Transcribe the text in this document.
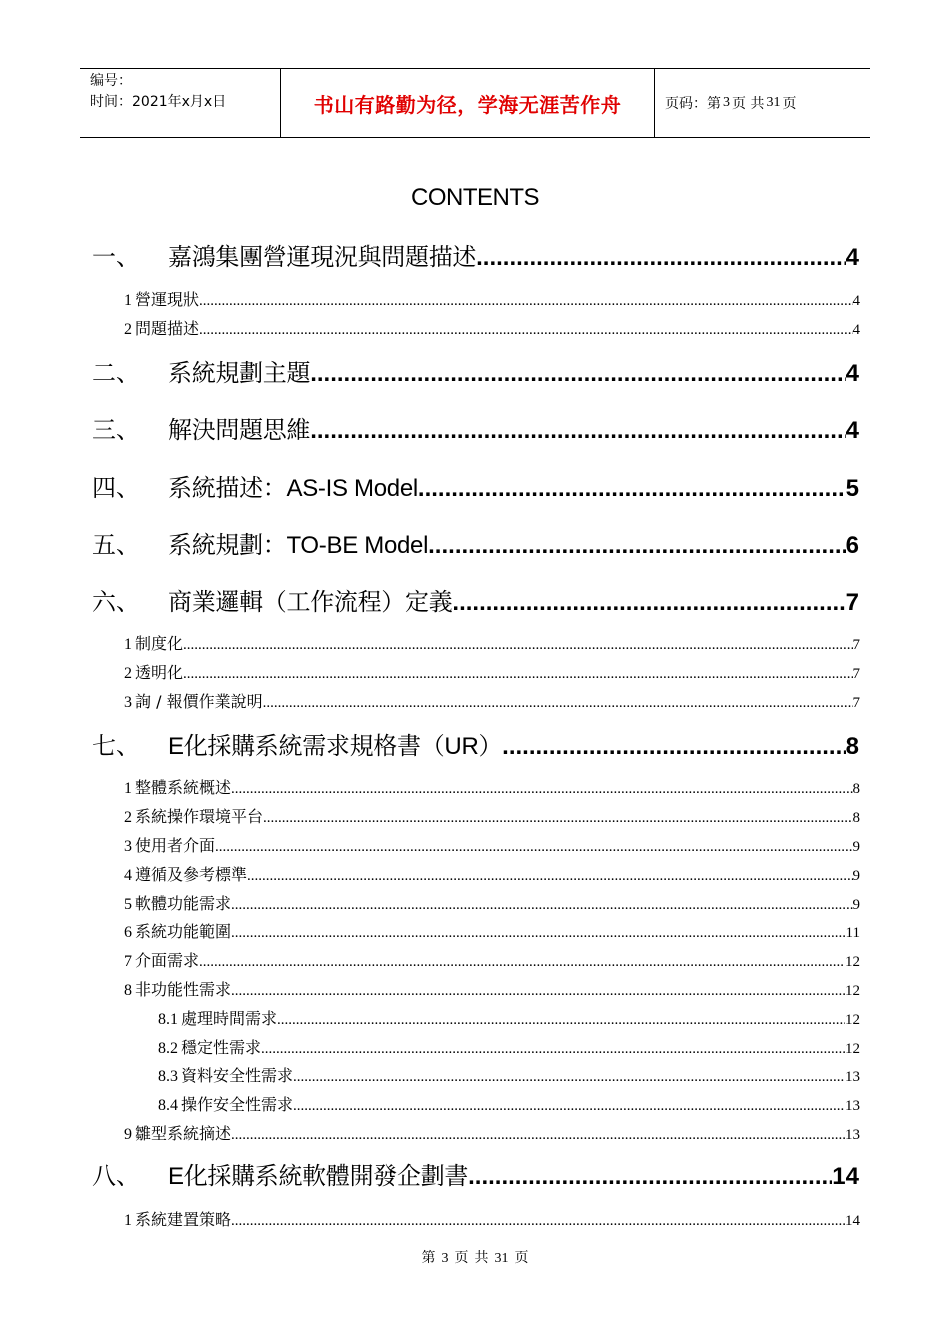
编号：
时间：2021年x月x日	书山有路勤为径，学海无涯苦作舟	页码：第 3 页 共 31 页
CONTENTS
一、	嘉鴻集團營運現況與問題描述 .....	4
1 營運現狀 .....	4
2 問題描述 .....	4
二、	系統規劃主題 .....	4
三、	解決問題思維 .....	4
四、	系統描述：AS-IS Model .....	5
五、	系統規劃：TO-BE Model .....	6
六、	商業邏輯（工作流程）定義 .....	7
1 制度化 .....	7
2 透明化 .....	7
3 詢 / 報價作業說明 .....	7
七、	E化採購系統需求規格書（UR） .....	8
1 整體系統概述 .....	8
2 系統操作環境平台 .....	8
3 使用者介面 .....	9
4 遵循及參考標準 .....	9
5 軟體功能需求 .....	9
6 系統功能範圍 .....	11
7 介面需求 .....	12
8 非功能性需求 .....	12
8.1 處理時間需求 .....	12
8.2 穩定性需求 .....	12
8.3 資料安全性需求 .....	13
8.4 操作安全性需求 .....	13
9 雛型系統摘述 .....	13
八、	E化採購系統軟體開發企劃書 .....	14
1 系統建置策略 .....	14
第 3 页 共 31 页
